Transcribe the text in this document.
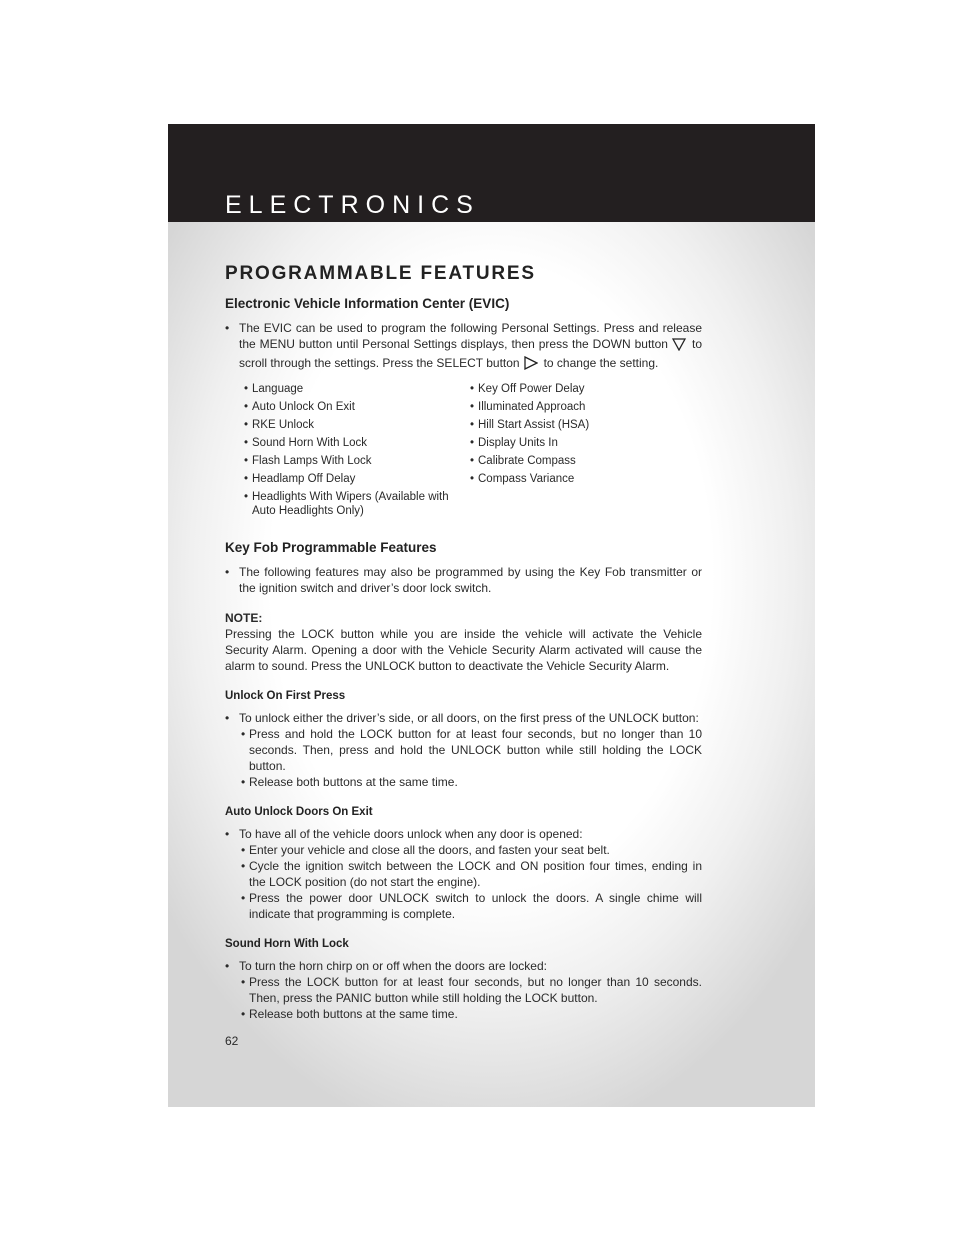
ELECTRONICS
PROGRAMMABLE FEATURES
Electronic Vehicle Information Center (EVIC)

• The EVIC can be used to program the following Personal Settings. Press and release the MENU button until Personal Settings displays, then press the DOWN button to scroll through the settings. Press the SELECT button to change the setting.

• Language
• Auto Unlock On Exit
• RKE Unlock
• Sound Horn With Lock
• Flash Lamps With Lock
• Headlamp Off Delay
• Headlights With Wipers (Available with Auto Headlights Only)
• Key Off Power Delay
• Illuminated Approach
• Hill Start Assist (HSA)
• Display Units In
• Calibrate Compass
• Compass Variance
Key Fob Programmable Features

• The following features may also be programmed by using the Key Fob transmitter or the ignition switch and driver’s door lock switch.

NOTE:

Pressing the LOCK button while you are inside the vehicle will activate the Vehicle Security Alarm. Opening a door with the Vehicle Security Alarm activated will cause the alarm to sound. Press the UNLOCK button to deactivate the Vehicle Security Alarm.

Unlock On First Press

• To unlock either the driver’s side, or all doors, on the first press of the UNLOCK button:

• Press and hold the LOCK button for at least four seconds, but no longer than 10 seconds. Then, press and hold the UNLOCK button while still holding the LOCK button.

• Release both buttons at the same time.

Auto Unlock Doors On Exit

• To have all of the vehicle doors unlock when any door is opened:

• Enter your vehicle and close all the doors, and fasten your seat belt.

• Cycle the ignition switch between the LOCK and ON position four times, ending in the LOCK position (do not start the engine).

• Press the power door UNLOCK switch to unlock the doors. A single chime will indicate that programming is complete.

Sound Horn With Lock

• To turn the horn chirp on or off when the doors are locked:

• Press the LOCK button for at least four seconds, but no longer than 10 seconds. Then, press the PANIC button while still holding the LOCK button.

• Release both buttons at the same time.

62
